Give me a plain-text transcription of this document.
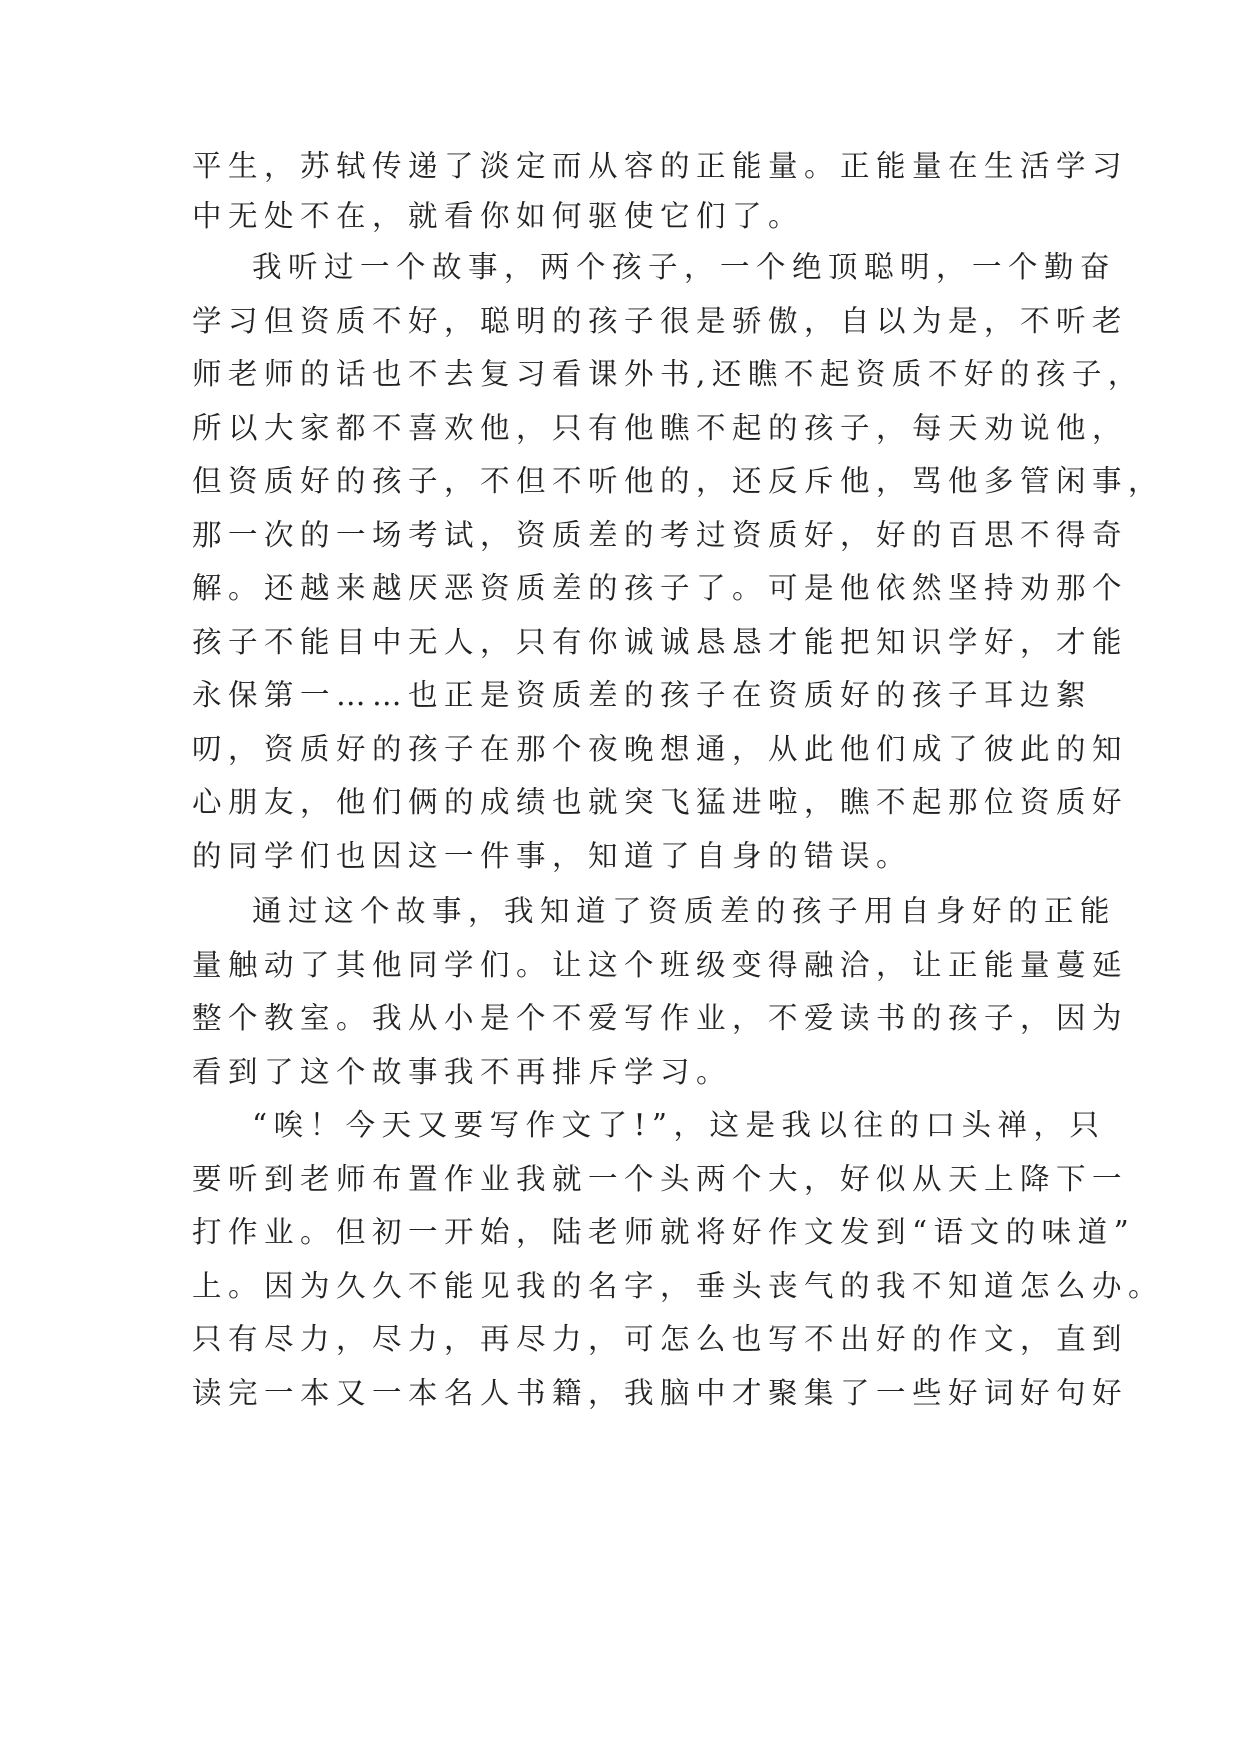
平生，苏轼传递了淡定而从容的正能量。正能量在生活学习
中无处不在，就看你如何驱使它们了。
我听过一个故事，两个孩子，一个绝顶聪明，一个勤奋
学习但资质不好，聪明的孩子很是骄傲，自以为是，不听老
师老师的话也不去复习看课外书,还瞧不起资质不好的孩子，
所以大家都不喜欢他，只有他瞧不起的孩子，每天劝说他，
但资质好的孩子，不但不听他的，还反斥他，骂他多管闲事，
那一次的一场考试，资质差的考过资质好，好的百思不得奇
解。还越来越厌恶资质差的孩子了。可是他依然坚持劝那个
孩子不能目中无人，只有你诚诚恳恳才能把知识学好，才能
永保第一……也正是资质差的孩子在资质好的孩子耳边絮
叨，资质好的孩子在那个夜晚想通，从此他们成了彼此的知
心朋友，他们俩的成绩也就突飞猛进啦，瞧不起那位资质好
的同学们也因这一件事，知道了自身的错误。
通过这个故事，我知道了资质差的孩子用自身好的正能
量触动了其他同学们。让这个班级变得融洽，让正能量蔓延
整个教室。我从小是个不爱写作业，不爱读书的孩子，因为
看到了这个故事我不再排斥学习。
“唉！今天又要写作文了!”，这是我以往的口头禅，只
要听到老师布置作业我就一个头两个大，好似从天上降下一
打作业。但初一开始，陆老师就将好作文发到“语文的味道”
上。因为久久不能见我的名字，垂头丧气的我不知道怎么办。
只有尽力，尽力，再尽力，可怎么也写不出好的作文，直到
读完一本又一本名人书籍，我脑中才聚集了一些好词好句好
